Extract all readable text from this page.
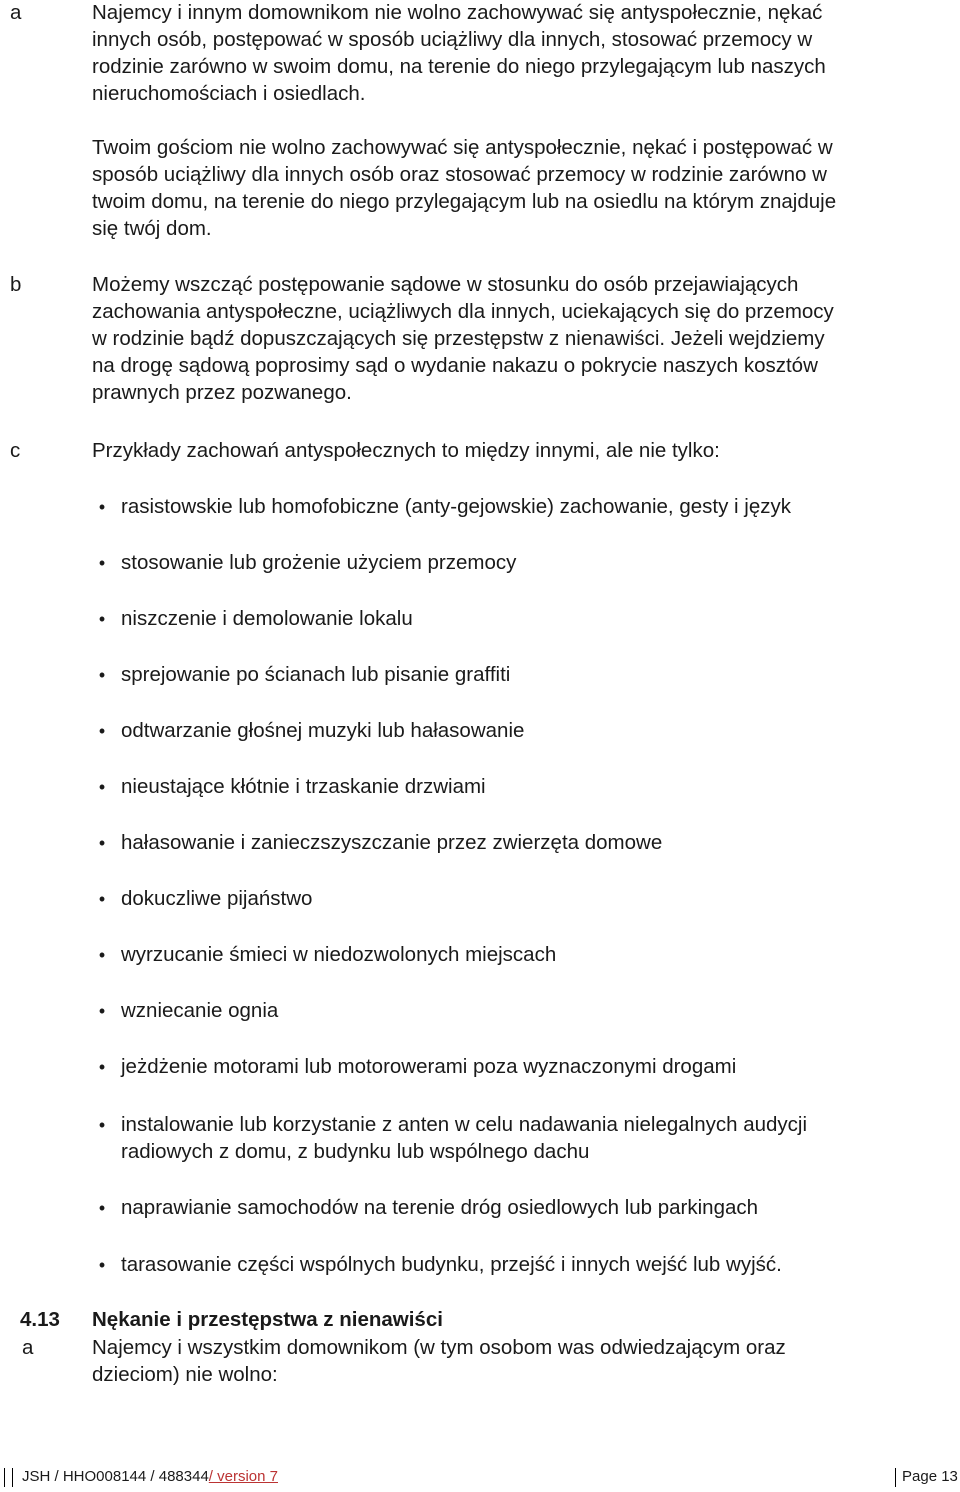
a	Najemcy i innym domownikom nie wolno zachowywać się antyspołecznie, nękać
innych osób, postępować w sposób uciążliwy dla innych, stosować przemocy w
rodzinie zarówno w swoim domu, na terenie do niego przylegającym lub naszych
nieruchomościach i osiedlach.
Twoim gościom nie wolno zachowywać się antyspołecznie, nękać i postępować w
sposób uciążliwy dla innych osób oraz stosować przemocy w rodzinie zarówno w
twoim domu, na terenie do niego przylegającym lub na osiedlu na którym znajduje
się twój dom.
b	Możemy wszcząć postępowanie sądowe w stosunku do osób przejawiających
zachowania antyspołeczne, uciążliwych dla innych, uciekających się do przemocy
w rodzinie bądź dopuszczających się przestępstw z nienawiści. Jeżeli wejdziemy
na drogę sądową poprosimy sąd o wydanie nakazu o pokrycie naszych kosztów
prawnych przez pozwanego.
c	Przykłady zachowań antyspołecznych to między innymi, ale nie tylko:
• rasistowskie lub homofobiczne (anty-gejowskie) zachowanie, gesty i język
• stosowanie lub grożenie użyciem przemocy
• niszczenie i demolowanie lokalu
• sprejowanie po ścianach lub pisanie graffiti
• odtwarzanie głośnej muzyki lub hałasowanie
• nieustające kłótnie i trzaskanie drzwiami
• hałasowanie i zanieczszyszczanie przez zwierzęta domowe
• dokuczliwe pijaństwo
• wyrzucanie śmieci w niedozwolonych miejscach
• wzniecanie ognia
• jeżdżenie motorami lub motorowerami poza wyznaczonymi drogami
• instalowanie lub korzystanie z anten w celu nadawania nielegalnych audycji
radiowych z domu, z budynku lub wspólnego dachu
• naprawianie samochodów na terenie dróg osiedlowych lub parkingach
• tarasowanie części wspólnych budynku, przejść i innych wejść lub wyjść.
4.13 Nękanie i przestępstwa z nienawiści
a	Najemcy i wszystkim domownikom (w tym osobom was odwiedzającym oraz
dzieciom) nie wolno:
JSH / HHO008144 / 488344/ version 7	Page 13
